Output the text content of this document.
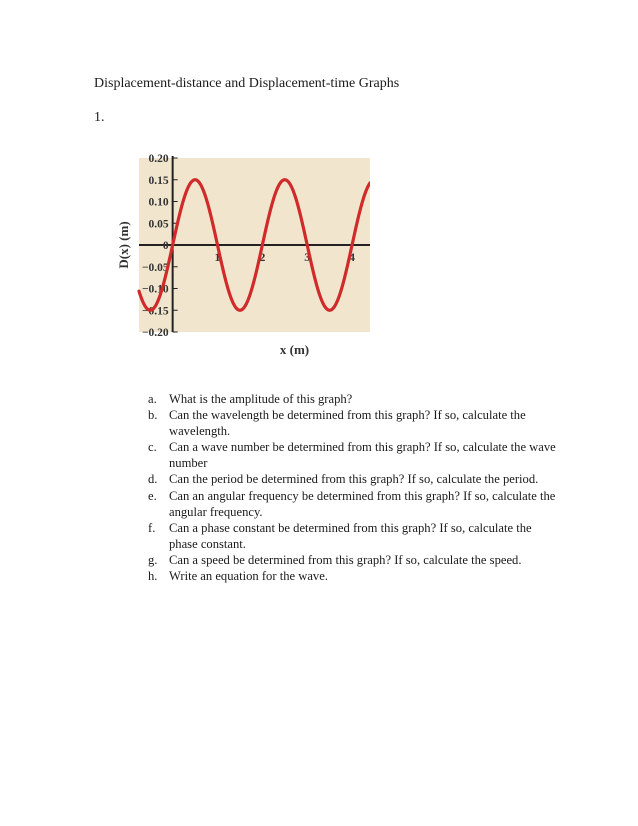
Displacement-distance and Displacement-time Graphs
1.
0.20
0.15
0.10
0.05
0
−0.05
−0.10
−0.15
−0.20
1	2	3	4
D(x) (m)
x (m)
a. What is the amplitude of this graph?
b. Can the wavelength be determined from this graph? If so, calculate the wavelength.
c. Can a wave number be determined from this graph? If so, calculate the wave number
d. Can the period be determined from this graph? If so, calculate the period.
e. Can an angular frequency be determined from this graph? If so, calculate the angular frequency.
f. Can a phase constant be determined from this graph? If so, calculate the phase constant.
g. Can a speed be determined from this graph? If so, calculate the speed.
h. Write an equation for the wave.
